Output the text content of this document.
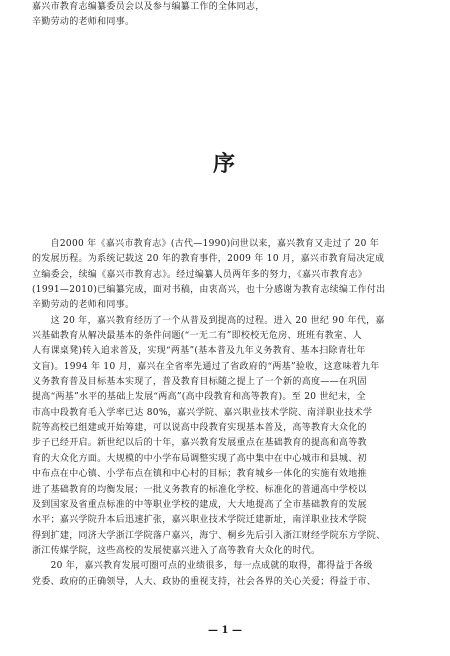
嘉兴市教育志编纂委员会以及参与编纂工作的全体同志，
辛勤劳动的老师和同事。
序
　　自2000 年《嘉兴市教育志》(古代—1990)问世以来，嘉兴教育又走过了 20 年
的发展历程。为系统记载这 20 年的教育事件，2009 年 10 月，嘉兴市教育局决定成
立编委会，续编《嘉兴市教育志》。经过编纂人员两年多的努力，《嘉兴市教育志》
(1991—2010)已编纂完成，面对书稿，由衷高兴，也十分感谢为教育志续编工作付出
辛勤劳动的老师和同事。
　　这 20 年，嘉兴教育经历了一个从普及到提高的过程。进入 20 世纪 90 年代，嘉
兴基础教育从解决最基本的条件问题(“一无二有”即校校无危房、班班有教室、人
人有课桌凳)转入追求普及，实现“两基”(基本普及九年义务教育、基本扫除青壮年
文盲)。1994 年 10 月，嘉兴在全省率先通过了省政府的“两基”验收，这意味着九年
义务教育普及目标基本实现了，普及教育目标随之提上了一个新的高度——在巩固
提高“两基”水平的基础上发展“两高”(高中段教育和高等教育)。至 20 世纪末，全
市高中段教育毛入学率已达 80%，嘉兴学院、嘉兴职业技术学院、南洋职业技术学
院等高校已组建或开始筹建，可以说高中段教育实现基本普及，高等教育大众化的
步子已经开启。新世纪以后的十年，嘉兴教育发展重点在基础教育的提高和高等教
育的大众化方面。大规模的中小学布局调整实现了高中集中在中心城市和县城、初
中布点在中心镇、小学布点在镇和中心村的目标；教育城乡一体化的实施有效地推
进了基础教育的均衡发展；一批义务教育的标准化学校、标准化的普通高中学校以
及到国家及省重点标准的中等职业学校的建成，大大地提高了全市基础教育的发展
水平；嘉兴学院升本后迅速扩张，嘉兴职业技术学院迁建新址，南洋职业技术学院
得到扩建，同济大学浙江学院落户嘉兴，海宁、桐乡先后引入浙江财经学院东方学院、
浙江传媒学院，这些高校的发展使嘉兴进入了高等教育大众化的时代。
　　20 年，嘉兴教育发展可圈可点的业绩很多，每一点成就的取得，都得益于各级
党委、政府的正确领导，人大、政协的重视支持，社会各界的关心关爱；得益于市、
— 1 —
